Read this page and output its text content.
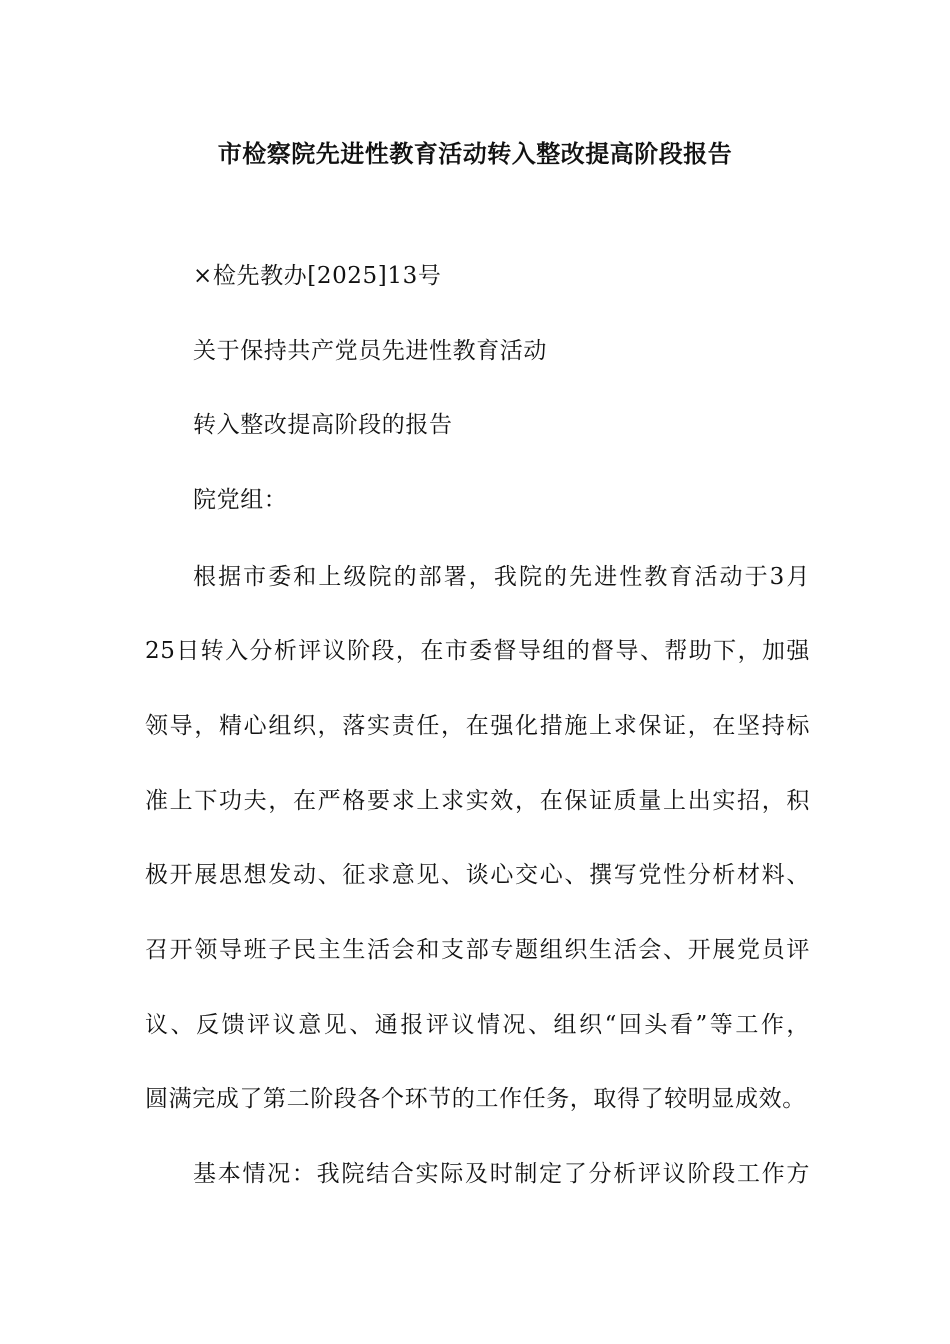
市检察院先进性教育活动转入整改提高阶段报告
×检先教办[2025]13号
关于保持共产党员先进性教育活动
转入整改提高阶段的报告
院党组：
根据市委和上级院的部署，我院的先进性教育活动于3月
25日转入分析评议阶段，在市委督导组的督导、帮助下，加强
领导，精心组织，落实责任，在强化措施上求保证，在坚持标
准上下功夫，在严格要求上求实效，在保证质量上出实招，积
极开展思想发动、征求意见、谈心交心、撰写党性分析材料、
召开领导班子民主生活会和支部专题组织生活会、开展党员评
议、反馈评议意见、通报评议情况、组织“回头看”等工作，
圆满完成了第二阶段各个环节的工作任务，取得了较明显成效。
基本情况：我院结合实际及时制定了分析评议阶段工作方
